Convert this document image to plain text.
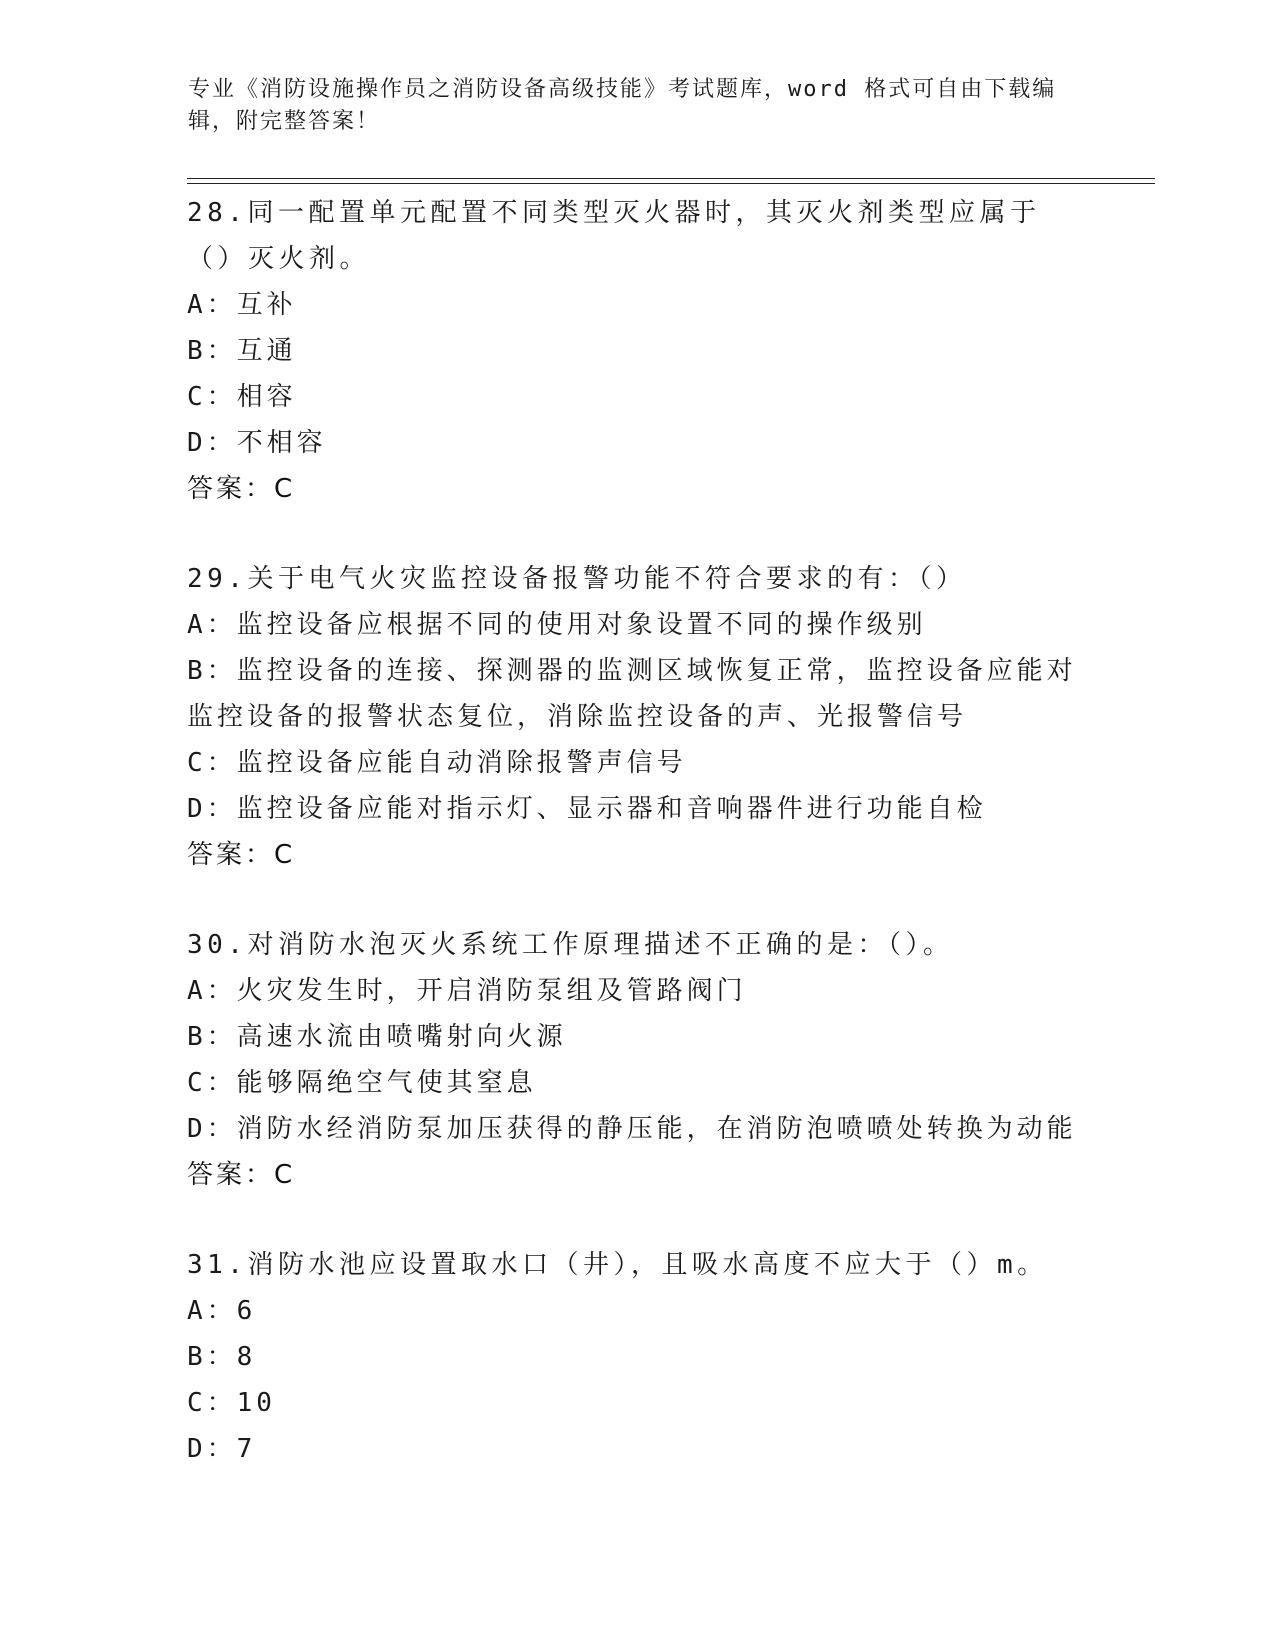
专业《消防设施操作员之消防设备高级技能》考试题库，word 格式可自由下载编辑，附完整答案！
28.同一配置单元配置不同类型灭火器时，其灭火剂类型应属于（）灭火剂。
A：互补
B：互通
C：相容
D：不相容
答案：C
29.关于电气火灾监控设备报警功能不符合要求的有：（）
A：监控设备应根据不同的使用对象设置不同的操作级别
B：监控设备的连接、探测器的监测区域恢复正常，监控设备应能对监控设备的报警状态复位，消除监控设备的声、光报警信号
C：监控设备应能自动消除报警声信号
D：监控设备应能对指示灯、显示器和音响器件进行功能自检
答案：C
30.对消防水泡灭火系统工作原理描述不正确的是：（）。
A：火灾发生时，开启消防泵组及管路阀门
B：高速水流由喷嘴射向火源
C：能够隔绝空气使其窒息
D：消防水经消防泵加压获得的静压能，在消防泡喷喷处转换为动能
答案：C
31.消防水池应设置取水口（井），且吸水高度不应大于（）m。
A：6
B：8
C：10
D：7
